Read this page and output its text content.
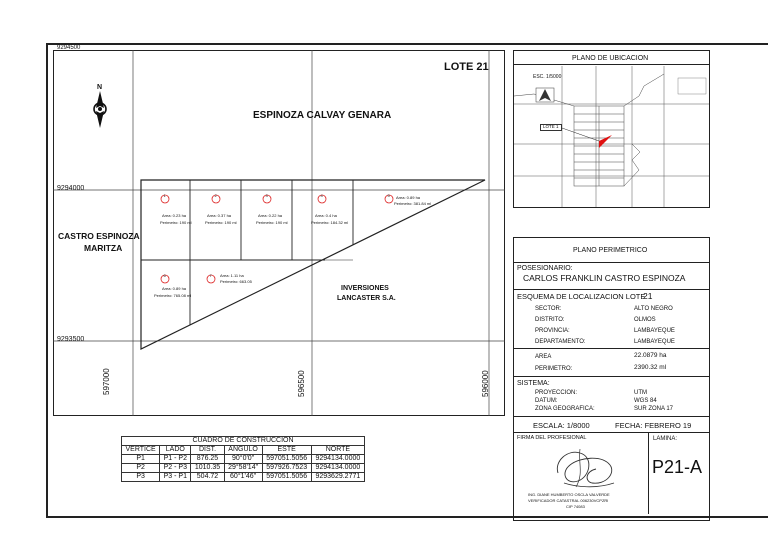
9294500
9294000
9293500
597000	596500	596000
LOTE 21
N
ESPINOZA CALVAY GENARA
CASTRO ESPINOZA
MARITZA
INVERSIONES
LANCASTER S.A.
1
Area: 0.23 ha
Perimetro: 190 ml
2
Area: 0.37 ha
Perimetro: 190 ml
3
Area: 0.22 ha
Perimetro: 190 ml
4
Area: 0.4 ha
Perimetro: 184.32 ml
5 Area: 0.89 ha
Perimetro: 381.84 ml
6
Area: 0.89 ha
Perimetro: 765.08 ml
7 Area: 1.11 ha
Perimetro: 663.05
CUADRO DE CONSTRUCCION					
VERTICE	LADO	DIST.	ANGULO	ESTE	NORTE
P1	P1 - P2	876.25	90°0'0"	597051.5056	9294134.0000
P2	P2 - P3	1010.35	29°58'14"	597926.7523	9294134.0000
P3	P3 - P1	504.72	60°1'46"	597051.5056	9293629.2771
PLANO DE UBICACION
ESC. 1/5000
LOTE 1
PLANO PERIMETRICO
POSESIONARIO:
CARLOS FRANKLIN CASTRO ESPINOZA
ESQUEMA DE LOCALIZACION LOTE
21
SECTOR:	ALTO NEGRO
DISTRITO:	OLMOS
PROVINCIA:	LAMBAYEQUE
DEPARTAMENTO:	LAMBAYEQUE
AREA	22.0879 ha
PERIMETRO:	2390.32 ml
SISTEMA:
PROYECCION:	UTM
DATUM:	WGS 84
ZONA GEOGRAFICA:	SUR ZONA 17
ESCALA: 1/8000	FECHA: FEBRERO 19
FIRMA DEL PROFESIONAL	LAMINA:
P21-A
ING. DIANE HUMBERTO OSCLA VALVERDE
VERIFICADOR CATASTRAL 006230VCPZRI
CIP 74083
